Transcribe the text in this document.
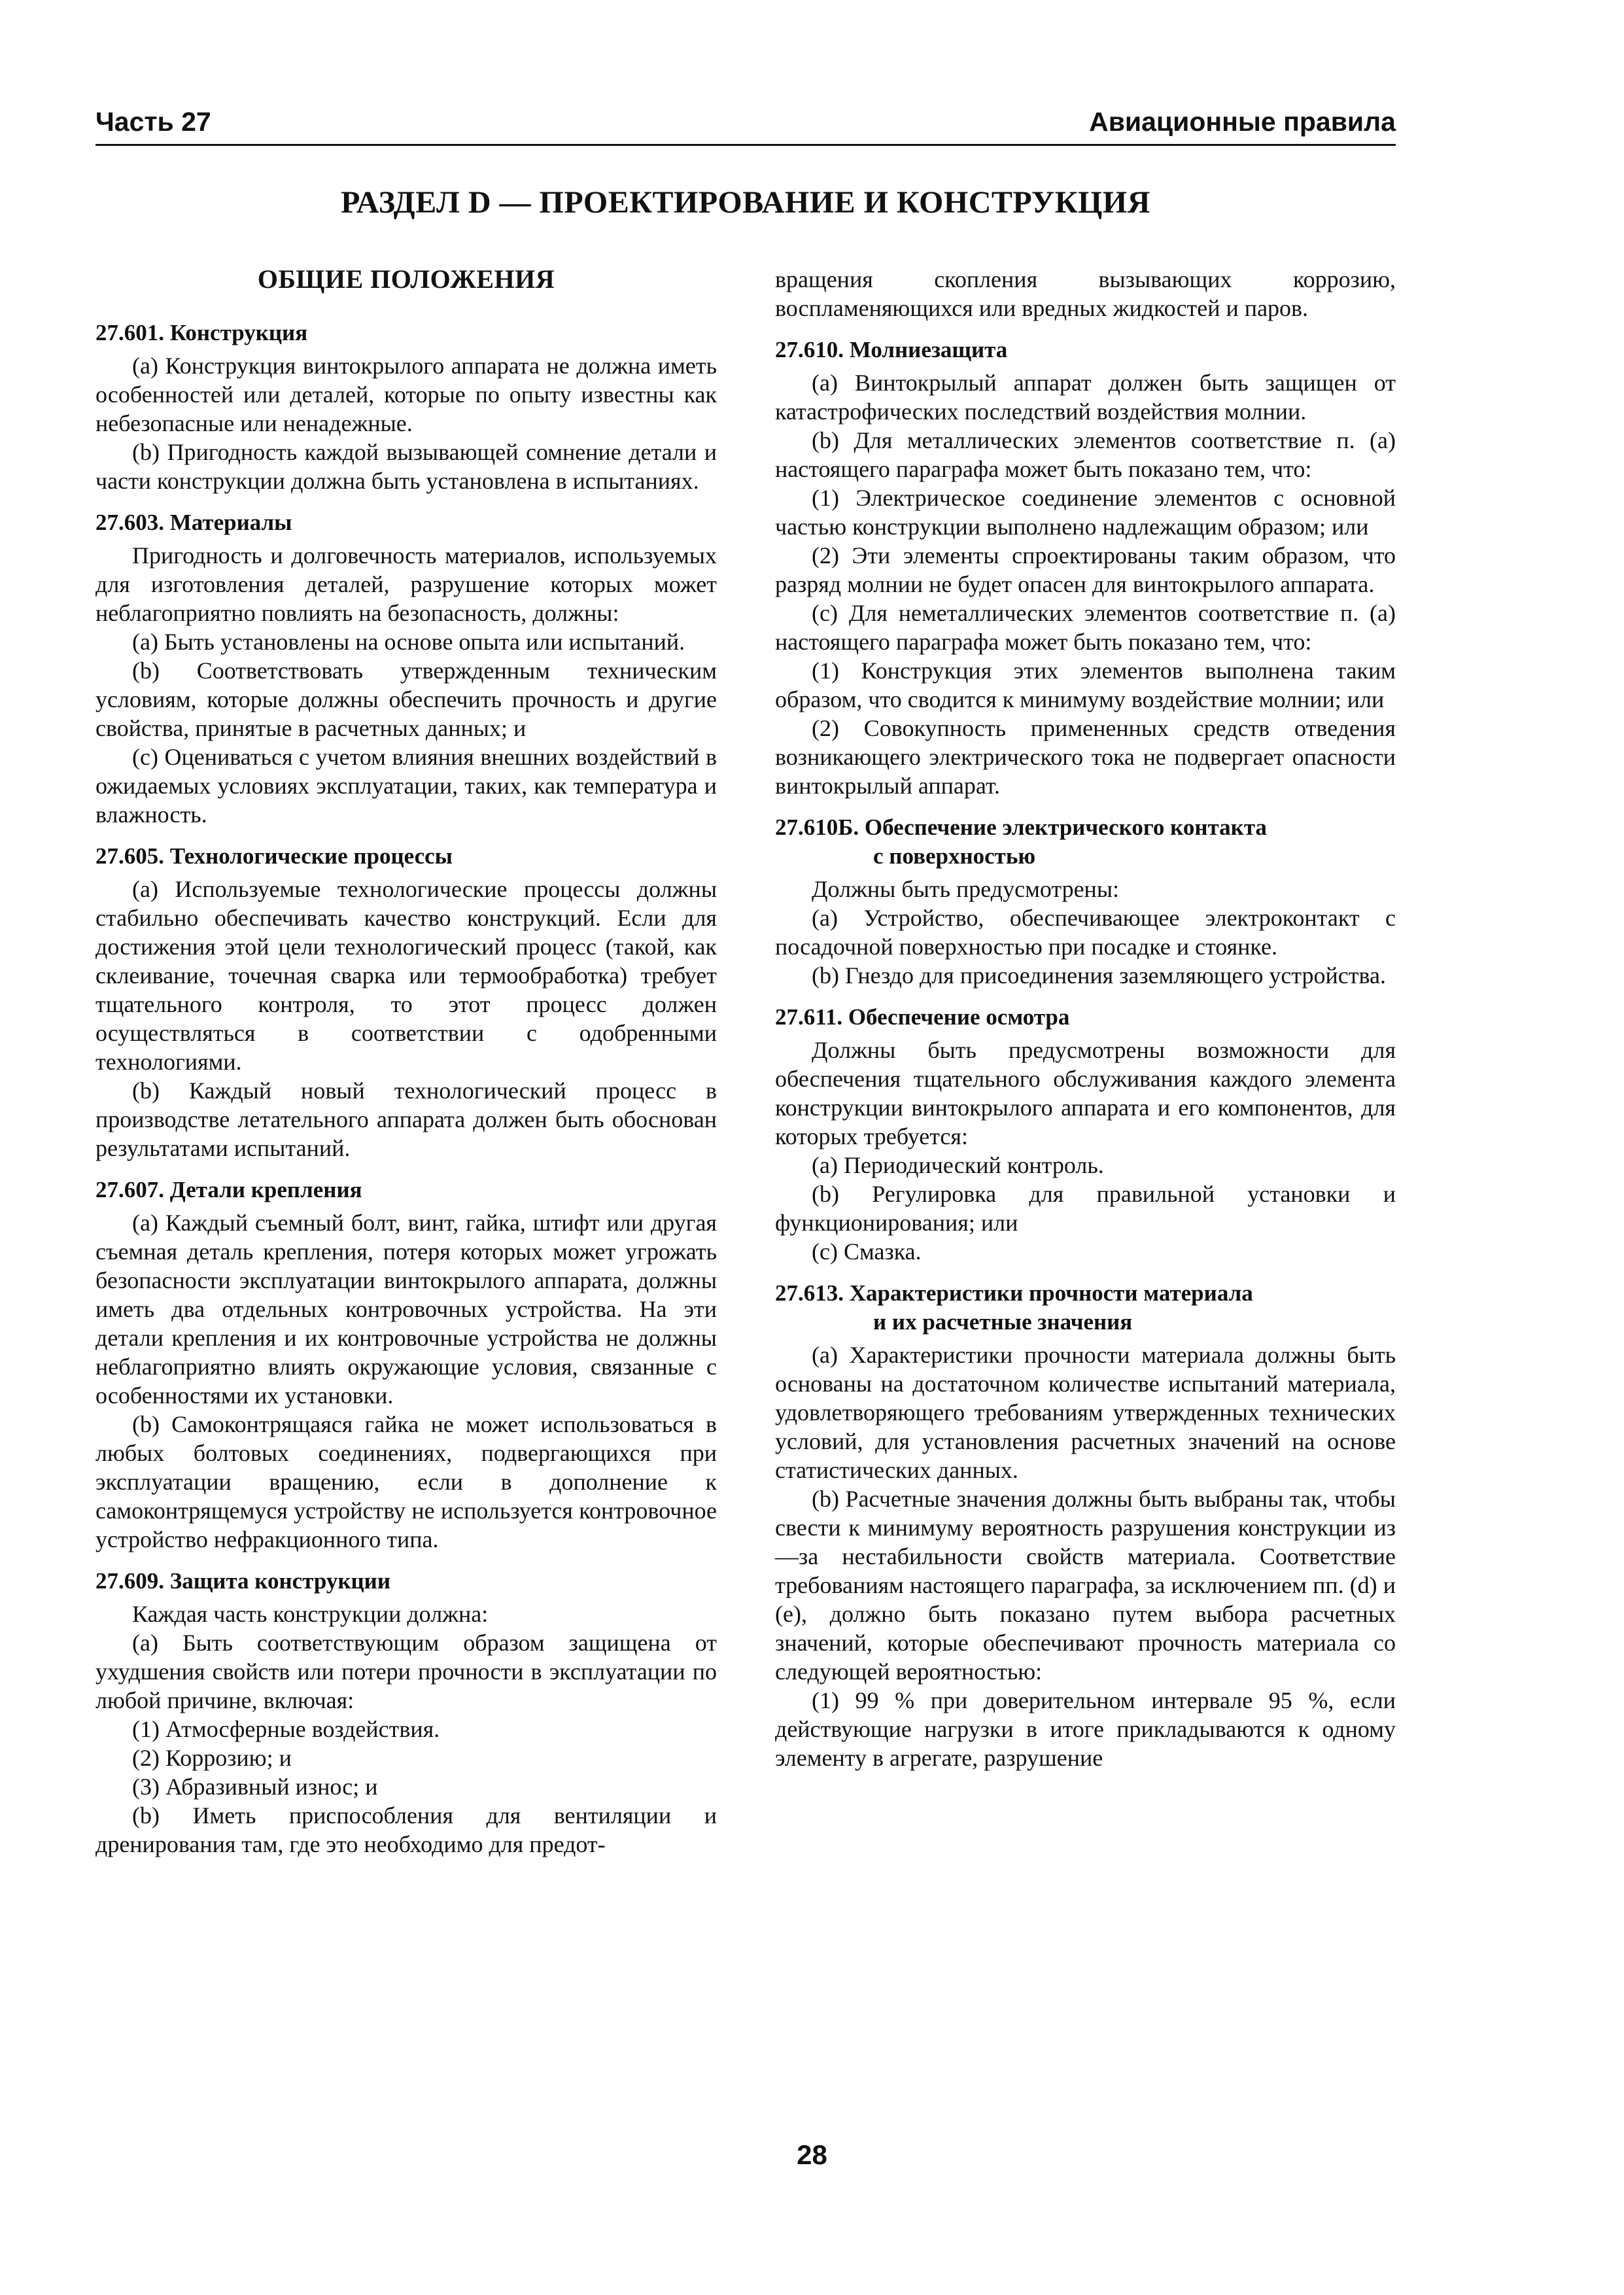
Часть 27	Авиационные правила
РАЗДЕЛ D — ПРОЕКТИРОВАНИЕ И КОНСТРУКЦИЯ
ОБЩИЕ ПОЛОЖЕНИЯ
27.601. Конструкция

(a) Конструкция винтокрылого аппарата не должна иметь особенностей или деталей, которые по опыту известны как небезопасные или ненадежные.

(b) Пригодность каждой вызывающей сомнение детали и части конструкции должна быть установлена в испытаниях.

27.603. Материалы

Пригодность и долговечность материалов, используемых для изготовления деталей, разрушение которых может неблагоприятно повлиять на безопасность, должны:

(a) Быть установлены на основе опыта или испытаний.

(b) Соответствовать утвержденным техническим условиям, которые должны обеспечить прочность и другие свойства, принятые в расчетных данных; и

(c) Оцениваться с учетом влияния внешних воздействий в ожидаемых условиях эксплуатации, таких, как температура и влажность.

27.605. Технологические процессы

(a) Используемые технологические процессы должны стабильно обеспечивать качество конструкций. Если для достижения этой цели технологический процесс (такой, как склеивание, точечная сварка или термообработка) требует тщательного контроля, то этот процесс должен осуществляться в соответствии с одобренными технологиями.

(b) Каждый новый технологический процесс в производстве летательного аппарата должен быть обоснован результатами испытаний.

27.607. Детали крепления

(a) Каждый съемный болт, винт, гайка, штифт или другая съемная деталь крепления, потеря которых может угрожать безопасности эксплуатации винтокрылого аппарата, должны иметь два отдельных контровочных устройства. На эти детали крепления и их контровочные устройства не должны неблагоприятно влиять окружающие условия, связанные с особенностями их установки.

(b) Самоконтрящаяся гайка не может использоваться в любых болтовых соединениях, подвергающихся при эксплуатации вращению, если в дополнение к самоконтрящемуся устройству не используется контровочное устройство нефракционного типа.

27.609. Защита конструкции

Каждая часть конструкции должна:

(a) Быть соответствующим образом защищена от ухудшения свойств или потери прочности в эксплуатации по любой причине, включая:

(1) Атмосферные воздействия.

(2) Коррозию; и

(3) Абразивный износ; и

(b) Иметь приспособления для вентиляции и дренирования там, где это необходимо для предот-

вращения скопления вызывающих коррозию, воспламеняющихся или вредных жидкостей и паров.

27.610. Молниезащита

(a) Винтокрылый аппарат должен быть защищен от катастрофических последствий воздействия молнии.

(b) Для металлических элементов соответствие п. (a) настоящего параграфа может быть показано тем, что:

(1) Электрическое соединение элементов с основной частью конструкции выполнено надлежащим образом; или

(2) Эти элементы спроектированы таким образом, что разряд молнии не будет опасен для винтокрылого аппарата.

(c) Для неметаллических элементов соответствие п. (a) настоящего параграфа может быть показано тем, что:

(1) Конструкция этих элементов выполнена таким образом, что сводится к минимуму воздействие молнии; или

(2) Совокупность примененных средств отведения возникающего электрического тока не подвергает опасности винтокрылый аппарат.

27.610Б. Обеспечение электрического контакта
с поверхностью

Должны быть предусмотрены:

(a) Устройство, обеспечивающее электроконтакт с посадочной поверхностью при посадке и стоянке.

(b) Гнездо для присоединения заземляющего устройства.

27.611. Обеспечение осмотра

Должны быть предусмотрены возможности для обеспечения тщательного обслуживания каждого элемента конструкции винтокрылого аппарата и его компонентов, для которых требуется:

(a) Периодический контроль.

(b) Регулировка для правильной установки и функционирования; или

(c) Смазка.

27.613. Характеристики прочности материала
и их расчетные значения

(a) Характеристики прочности материала должны быть основаны на достаточном количестве испытаний материала, удовлетворяющего требованиям утвержденных технических условий, для установления расчетных значений на основе статистических данных.

(b) Расчетные значения должны быть выбраны так, чтобы свести к минимуму вероятность разрушения конструкции из—за нестабильности свойств материала. Соответствие требованиям настоящего параграфа, за исключением пп. (d) и (e), должно быть показано путем выбора расчетных значений, которые обеспечивают прочность материала со следующей вероятностью:

(1) 99 % при доверительном интервале 95 %, если действующие нагрузки в итоге прикладываются к одному элементу в агрегате, разрушение

28
